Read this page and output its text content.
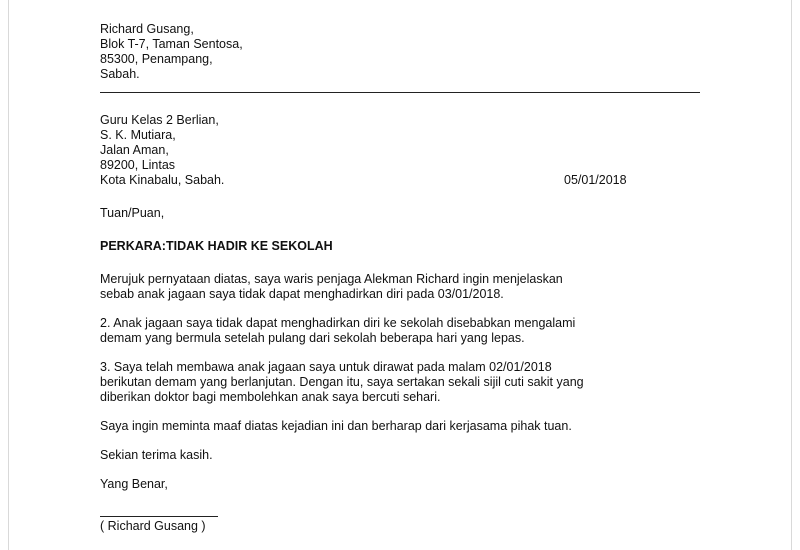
Richard Gusang,
Blok T-7, Taman Sentosa,
85300, Penampang,
Sabah.
Guru Kelas 2 Berlian,
S. K. Mutiara,
Jalan Aman,
89200, Lintas
Kota Kinabalu, Sabah.	05/01/2018
Tuan/Puan,
PERKARA:TIDAK HADIR KE SEKOLAH
Merujuk pernyataan diatas, saya waris penjaga Alekman Richard ingin menjelaskan
sebab anak jagaan saya tidak dapat menghadirkan diri pada 03/01/2018.
2. Anak jagaan saya tidak dapat menghadirkan diri ke sekolah disebabkan mengalami
demam yang bermula setelah pulang dari sekolah beberapa hari yang lepas.
3. Saya telah membawa anak jagaan saya untuk dirawat pada malam 02/01/2018
berikutan demam yang berlanjutan. Dengan itu, saya sertakan sekali sijil cuti sakit yang
diberikan doktor bagi membolehkan anak saya bercuti sehari.
Saya ingin meminta maaf diatas kejadian ini dan berharap dari kerjasama pihak tuan.
Sekian terima kasih.
Yang Benar,
( Richard Gusang )
